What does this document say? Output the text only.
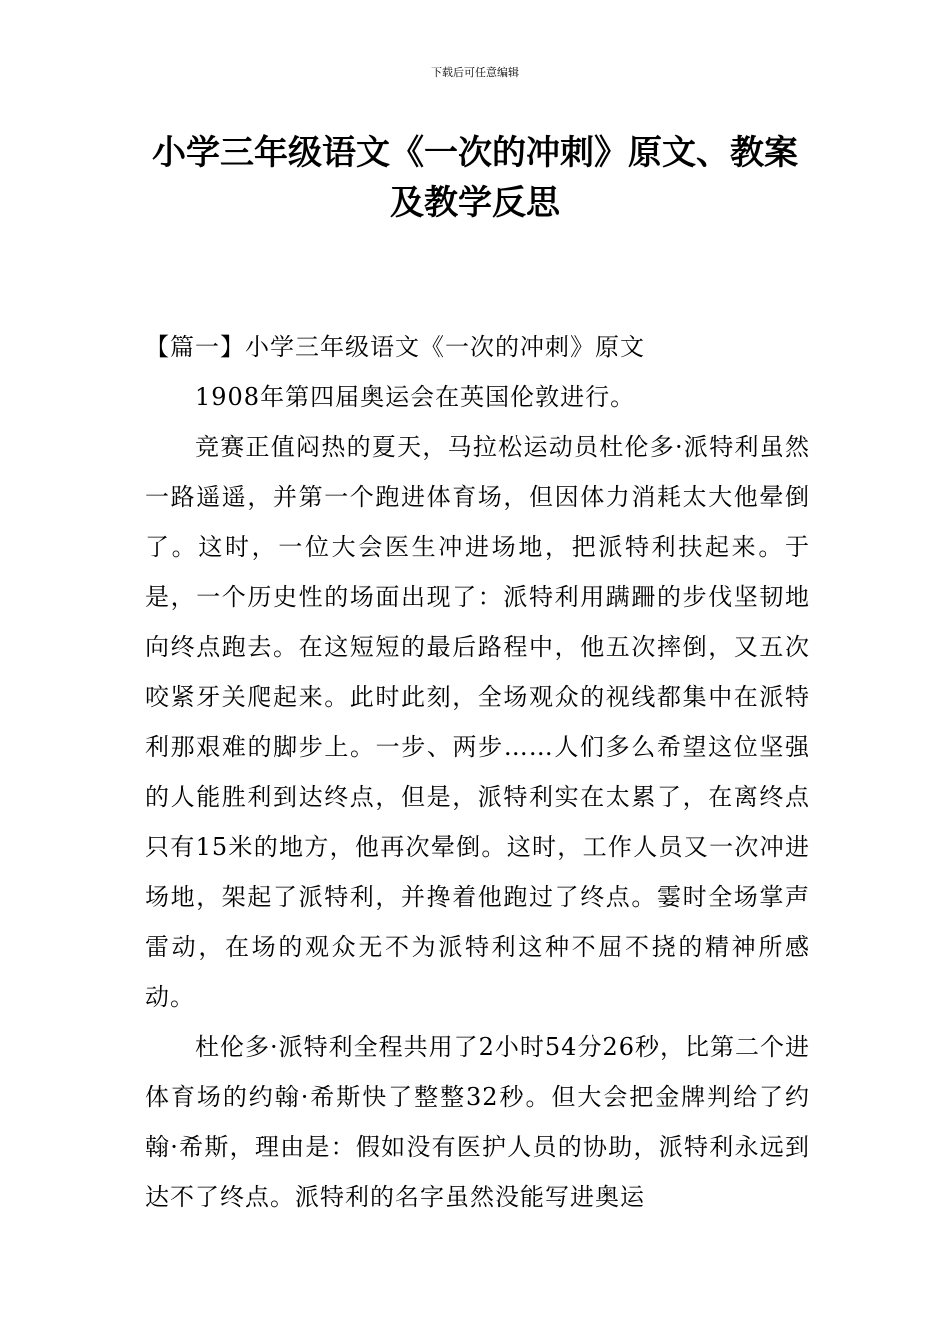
下载后可任意编辑
小学三年级语文《一次的冲刺》原文、教案及教学反思

【篇一】小学三年级语文《一次的冲刺》原文

1908年第四届奥运会在英国伦敦进行。

竞赛正值闷热的夏天，马拉松运动员杜伦多·派特利虽然一路遥遥，并第一个跑进体育场，但因体力消耗太大他晕倒了。这时，一位大会医生冲进场地，把派特利扶起来。于是，一个历史性的场面出现了：派特利用蹒跚的步伐坚韧地向终点跑去。在这短短的最后路程中，他五次摔倒，又五次咬紧牙关爬起来。此时此刻，全场观众的视线都集中在派特利那艰难的脚步上。一步、两步……人们多么希望这位坚强的人能胜利到达终点，但是，派特利实在太累了，在离终点只有15米的地方，他再次晕倒。这时，工作人员又一次冲进场地，架起了派特利，并搀着他跑过了终点。霎时全场掌声雷动，在场的观众无不为派特利这种不屈不挠的精神所感动。

杜伦多·派特利全程共用了2小时54分26秒，比第二个进体育场的约翰·希斯快了整整32秒。但大会把金牌判给了约翰·希斯，理由是：假如没有医护人员的协助，派特利永远到达不了终点。派特利的名字虽然没能写进奥运
